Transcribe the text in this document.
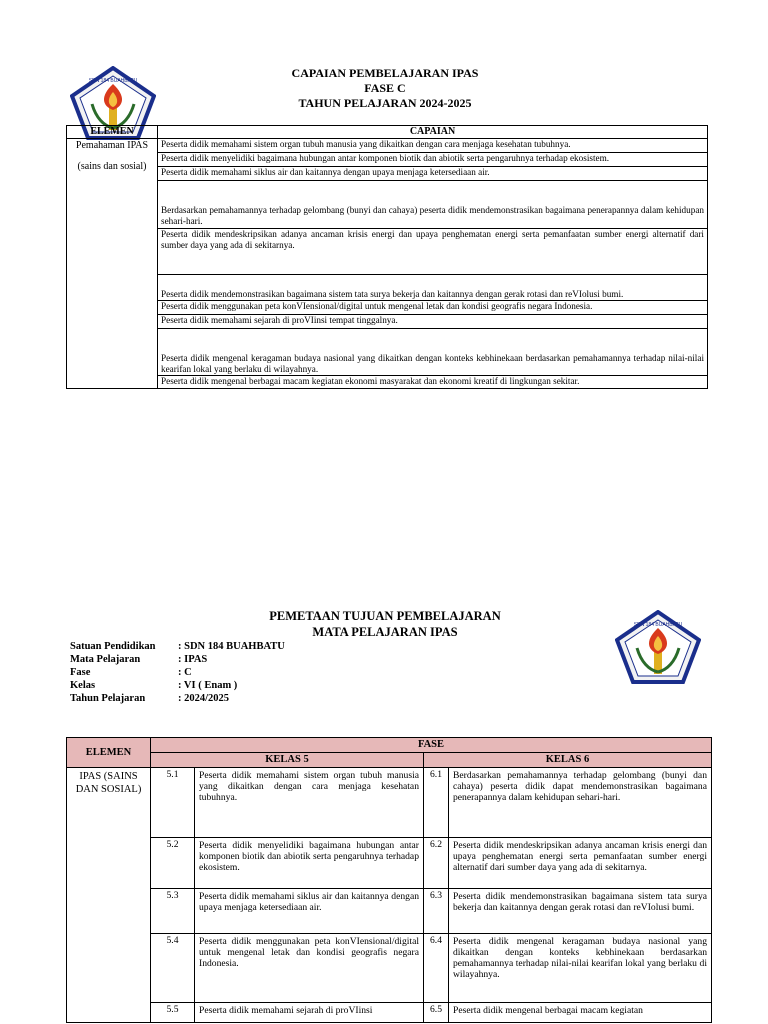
SDN 184 BUAHBATU
CAPAIAN PEMBELAJARAN IPAS
FASE C
TAHUN PELAJARAN 2024-2025
ELEMEN	CAPAIAN

Pemahaman IPAS
(sains dan sosial)	Peserta didik memahami sistem organ tubuh manusia yang dikaitkan dengan cara menjaga kesehatan tubuhnya.
	Peserta didik menyelidiki bagaimana hubungan antar komponen biotik dan abiotik serta pengaruhnya terhadap ekosistem.
	Peserta didik memahami siklus air dan kaitannya dengan upaya menjaga ketersediaan air.
	Berdasarkan pemahamannya terhadap gelombang (bunyi dan cahaya) peserta didik mendemonstrasikan bagaimana penerapannya dalam kehidupan sehari-hari.
	Peserta didik mendeskripsikan adanya ancaman krisis energi dan upaya penghematan energi serta pemanfaatan sumber energi alternatif dari sumber daya yang ada di sekitarnya.
	Peserta didik mendemonstrasikan bagaimana sistem tata surya bekerja dan kaitannya dengan gerak rotasi dan reVIolusi bumi.
	Peserta didik menggunakan peta konVIensional/digital untuk mengenal letak dan kondisi geografis negara Indonesia.
	Peserta didik memahami sejarah di proVIinsi tempat tinggalnya.
	Peserta didik mengenal keragaman budaya nasional yang dikaitkan dengan konteks kebhinekaan berdasarkan pemahamannya terhadap nilai-nilai kearifan lokal yang berlaku di wilayahnya.
	Peserta didik mengenal berbagai macam kegiatan ekonomi masyarakat dan ekonomi kreatif di lingkungan sekitar.
PEMETAAN TUJUAN PEMBELAJARAN
MATA PELAJARAN IPAS	SDN 184 BUAHBATU
Satuan Pendidikan	: SDN 184 BUAHBATU
Mata Pelajaran	: IPAS
Fase	: C
Kelas	: VI ( Enam )
Tahun Pelajaran	: 2024/2025
ELEMEN	FASE			
	KELAS 5		KELAS 6	
IPAS (SAINS DAN SOSIAL)	5.1	Peserta didik memahami sistem organ tubuh manusia yang dikaitkan dengan cara menjaga kesehatan tubuhnya.	6.1	Berdasarkan pemahamannya terhadap gelombang (bunyi dan cahaya) peserta didik dapat mendemonstrasikan bagaimana penerapannya dalam kehidupan sehari-hari.
	5.2	Peserta didik menyelidiki bagaimana hubungan antar komponen biotik dan abiotik serta pengaruhnya terhadap ekosistem.	6.2	Peserta didik mendeskripsikan adanya ancaman krisis energi dan upaya penghematan energi serta pemanfaatan sumber energi alternatif dari sumber daya yang ada di sekitarnya.
	5.3	Peserta didik memahami siklus air dan kaitannya dengan upaya menjaga ketersediaan air.	6.3	Peserta didik mendemonstrasikan bagaimana sistem tata surya bekerja dan kaitannya dengan gerak rotasi dan reVIolusi bumi.
	5.4	Peserta didik menggunakan peta konVIensional/digital untuk mengenal letak dan kondisi geografis negara Indonesia.	6.4	Peserta didik mengenal keragaman budaya nasional yang dikaitkan dengan konteks kebhinekaan berdasarkan pemahamannya terhadap nilai-nilai kearifan lokal yang berlaku di wilayahnya.
	5.5	Peserta didik memahami sejarah di proVIinsi	6.5	Peserta didik mengenal berbagai macam kegiatan
